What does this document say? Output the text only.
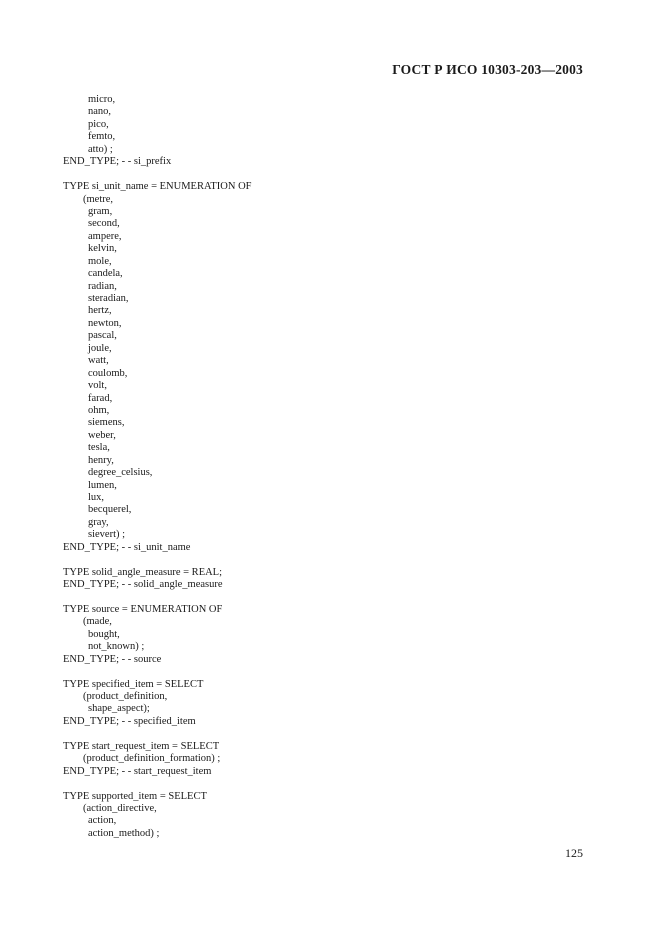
ГОСТ Р ИСО 10303-203—2003
micro,
nano,
pico,
femto,
atto) ;
END_TYPE; - - si_prefix
TYPE si_unit_name = ENUMERATION OF
(metre,
gram,
second,
ampere,
kelvin,
mole,
candela,
radian,
steradian,
hertz,
newton,
pascal,
joule,
watt,
coulomb,
volt,
farad,
ohm,
siemens,
weber,
tesla,
henry,
degree_celsius,
lumen,
lux,
becquerel,
gray,
sievert) ;
END_TYPE; - - si_unit_name
TYPE solid_angle_measure = REAL;
END_TYPE; - - solid_angle_measure
TYPE source = ENUMERATION OF
(made,
bought,
not_known) ;
END_TYPE; - - source
TYPE specified_item = SELECT
(product_definition,
shape_aspect);
END_TYPE; - - specified_item
TYPE start_request_item = SELECT
(product_definition_formation) ;
END_TYPE; - - start_request_item
TYPE supported_item = SELECT
(action_directive,
action,
action_method) ;
125
